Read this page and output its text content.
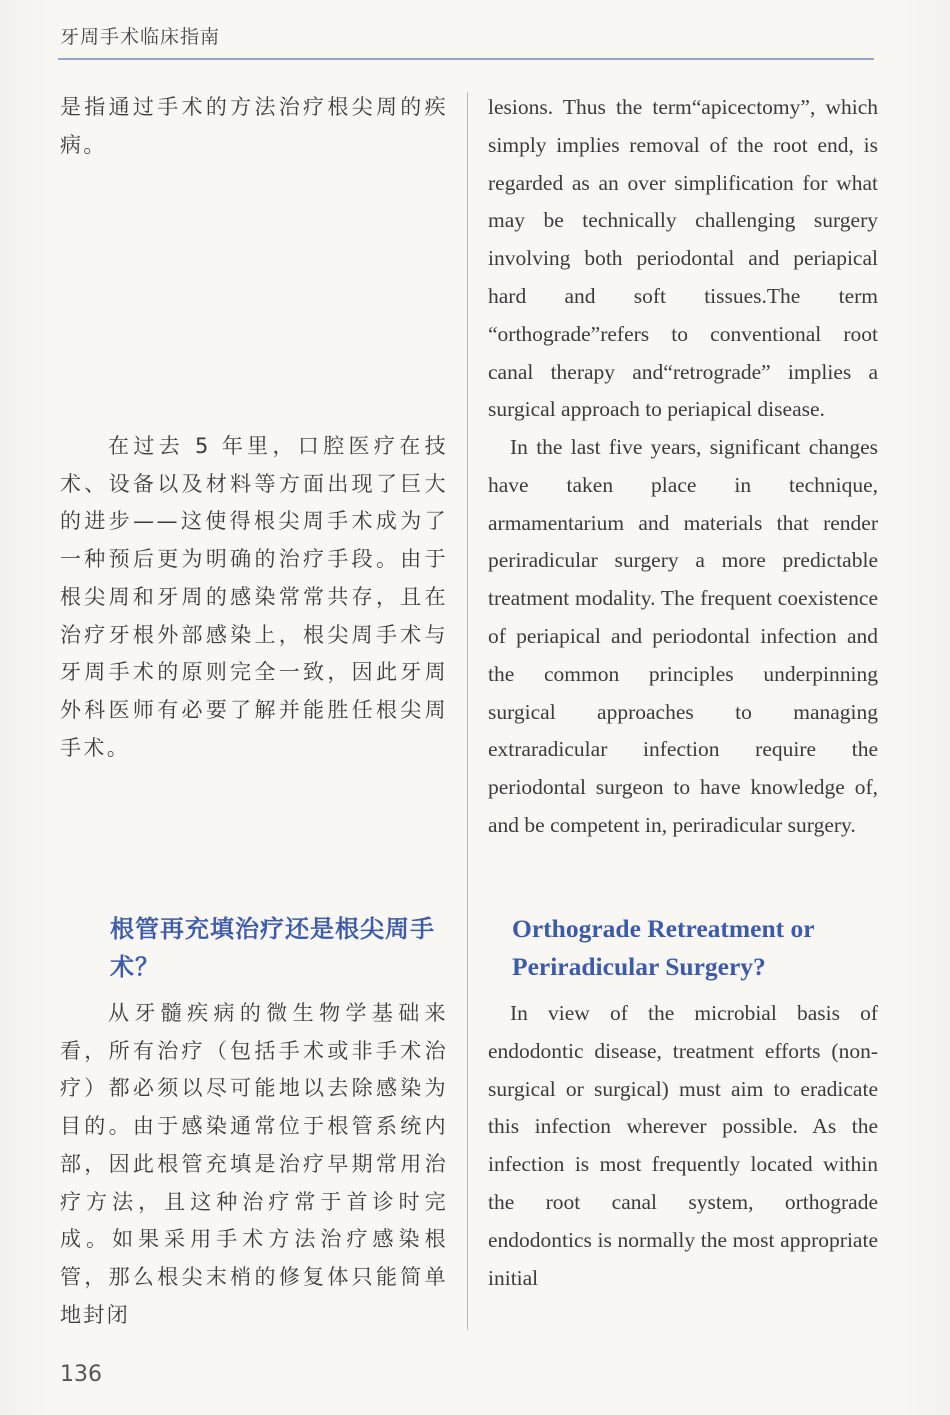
牙周手术临床指南

是指通过手术的方法治疗根尖周的疾病。

在过去 5 年里，口腔医疗在技术、设备以及材料等方面出现了巨大的进步——这使得根尖周手术成为了一种预后更为明确的治疗手段。由于根尖周和牙周的感染常常共存，且在治疗牙根外部感染上，根尖周手术与牙周手术的原则完全一致，因此牙周外科医师有必要了解并能胜任根尖周手术。

根管再充填治疗还是根尖周手术？

从牙髓疾病的微生物学基础来看，所有治疗（包括手术或非手术治疗）都必须以尽可能地以去除感染为目的。由于感染通常位于根管系统内部，因此根管充填是治疗早期常用治疗方法，且这种治疗常于首诊时完成。如果采用手术方法治疗感染根管，那么根尖末梢的修复体只能简单地封闭

lesions. Thus the term“apicectomy”, which simply implies removal of the root end, is regarded as an over simplification for what may be technically challenging surgery involving both periodontal and periapical hard and soft tissues.The term “orthograde”refers to conventional root canal therapy and“retrograde” implies a surgical approach to periapical disease.

In the last five years, significant changes have taken place in technique, armamentarium and materials that render periradicular surgery a more predictable treatment modality. The frequent coexistence of periapical and periodontal infection and the common principles underpinning surgical approaches to managing extraradicular infection require the periodontal surgeon to have knowledge of, and be competent in, periradicular surgery.

Orthograde Retreatment or Periradicular Surgery?

In view of the microbial basis of endodontic disease, treatment efforts (non-surgical or surgical) must aim to eradicate this infection wherever possible. As the infection is most frequently located within the root canal system, orthograde endodontics is normally the most appropriate initial

136
